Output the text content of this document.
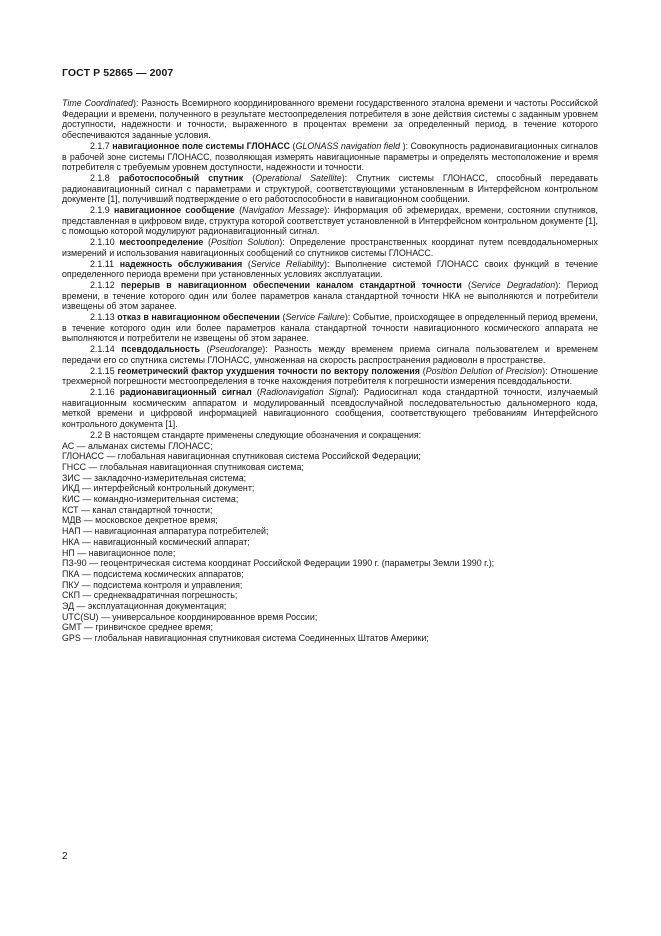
ГОСТ Р 52865 — 2007

Time Coordinated): Разность Всемирного координированного времени государственного эталона времени и частоты Российской Федерации и времени, полученного в результате местоопределения потребителя в зоне действия системы с заданным уровнем доступности, надежности и точности, выраженного в процентах времени за определенный период, в течение которого обеспечиваются заданные условия.

2.1.7 навигационное поле системы ГЛОНАСС (GLONASS navigation field ): Совокупность радионавигационных сигналов в рабочей зоне системы ГЛОНАСС, позволяющая измерять навигационные параметры и определять местоположение и время потребителя с требуемым уровнем доступности, надежности и точности.

2.1.8 работоспособный спутник (Operational Satellite): Спутник системы ГЛОНАСС, способный передавать радионавигационный сигнал с параметрами и структурой, соответствующими установленным в Интерфейсном контрольном документе [1], получивший подтверждение о его работоспособности в навигационном сообщении.

2.1.9 навигационное сообщение (Navigation Message): Информация об эфемеридах, времени, состоянии спутников, представленная в цифровом виде, структура которой соответствует установленной в Интерфейсном контрольном документе [1], с помощью которой модулируют радионавигационный сигнал.

2.1.10 местоопределение (Position Solution): Определение пространственных координат путем псевдодальномерных измерений и использования навигационных сообщений со спутников системы ГЛОНАСС.

2.1.11 надежность обслуживания (Service Reliability): Выполнение системой ГЛОНАСС своих функций в течение определенного периода времени при установленных условиях эксплуатации.

2.1.12 перерыв в навигационном обеспечении каналом стандартной точности (Service Degradation): Период времени, в течение которого один или более параметров канала стандартной точности НКА не выполняются и потребители извещены об этом заранее.

2.1.13 отказ в навигационном обеспечении (Service Failure): Событие, происходящее в определенный период времени, в течение которого один или более параметров канала стандартной точности навигационного космического аппарата не выполняются и потребители не извещены об этом заранее.

2.1.14 псевдодальность (Pseudorange): Разность между временем приема сигнала пользователем и временем передачи его со спутника системы ГЛОНАСС, умноженная на скорость распространения радиоволн в пространстве.

2.1.15 геометрический фактор ухудшения точности по вектору положения (Position Delution of Precision): Отношение трехмерной погрешности местоопределения в точке нахождения потребителя к погрешности измерения псевдодальности.

2.1.16 радионавигационный сигнал (Radionavigation Signal): Радиосигнал кода стандартной точности, излучаемый навигационным космическим аппаратом и модулированный псевдослучайной последовательностью дальномерного кода, меткой времени и цифровой информацией навигационного сообщения, соответствующего требованиям Интерфейсного контрольного документа [1].

2.2 В настоящем стандарте применены следующие обозначения и сокращения:

АС — альманах системы ГЛОНАСС;
ГЛОНАСС — глобальная навигационная спутниковая система Российской Федерации;
ГНСС — глобальная навигационная спутниковая система;
ЗИС — закладочно-измерительная система;
ИКД — интерфейсный контрольный документ;
КИС — командно-измерительная система;
КСТ — канал стандартной точности;
МДВ — московское декретное время;
НАП — навигационная аппаратура потребителей;
НКА — навигационный космический аппарат;
НП — навигационное поле;
ПЗ-90 — геоцентрическая система координат Российской Федерации 1990 г. (параметры Земли 1990 г.);
ПКА — подсистема космических аппаратов;
ПКУ — подсистема контроля и управления;
СКП — среднеквадратичная погрешность;
ЭД — эксплуатационная документация;
UTC(SU) — универсальное координированное время России;
GMT — гринвичское среднее время;
GPS — глобальная навигационная спутниковая система Соединенных Штатов Америки;
2
